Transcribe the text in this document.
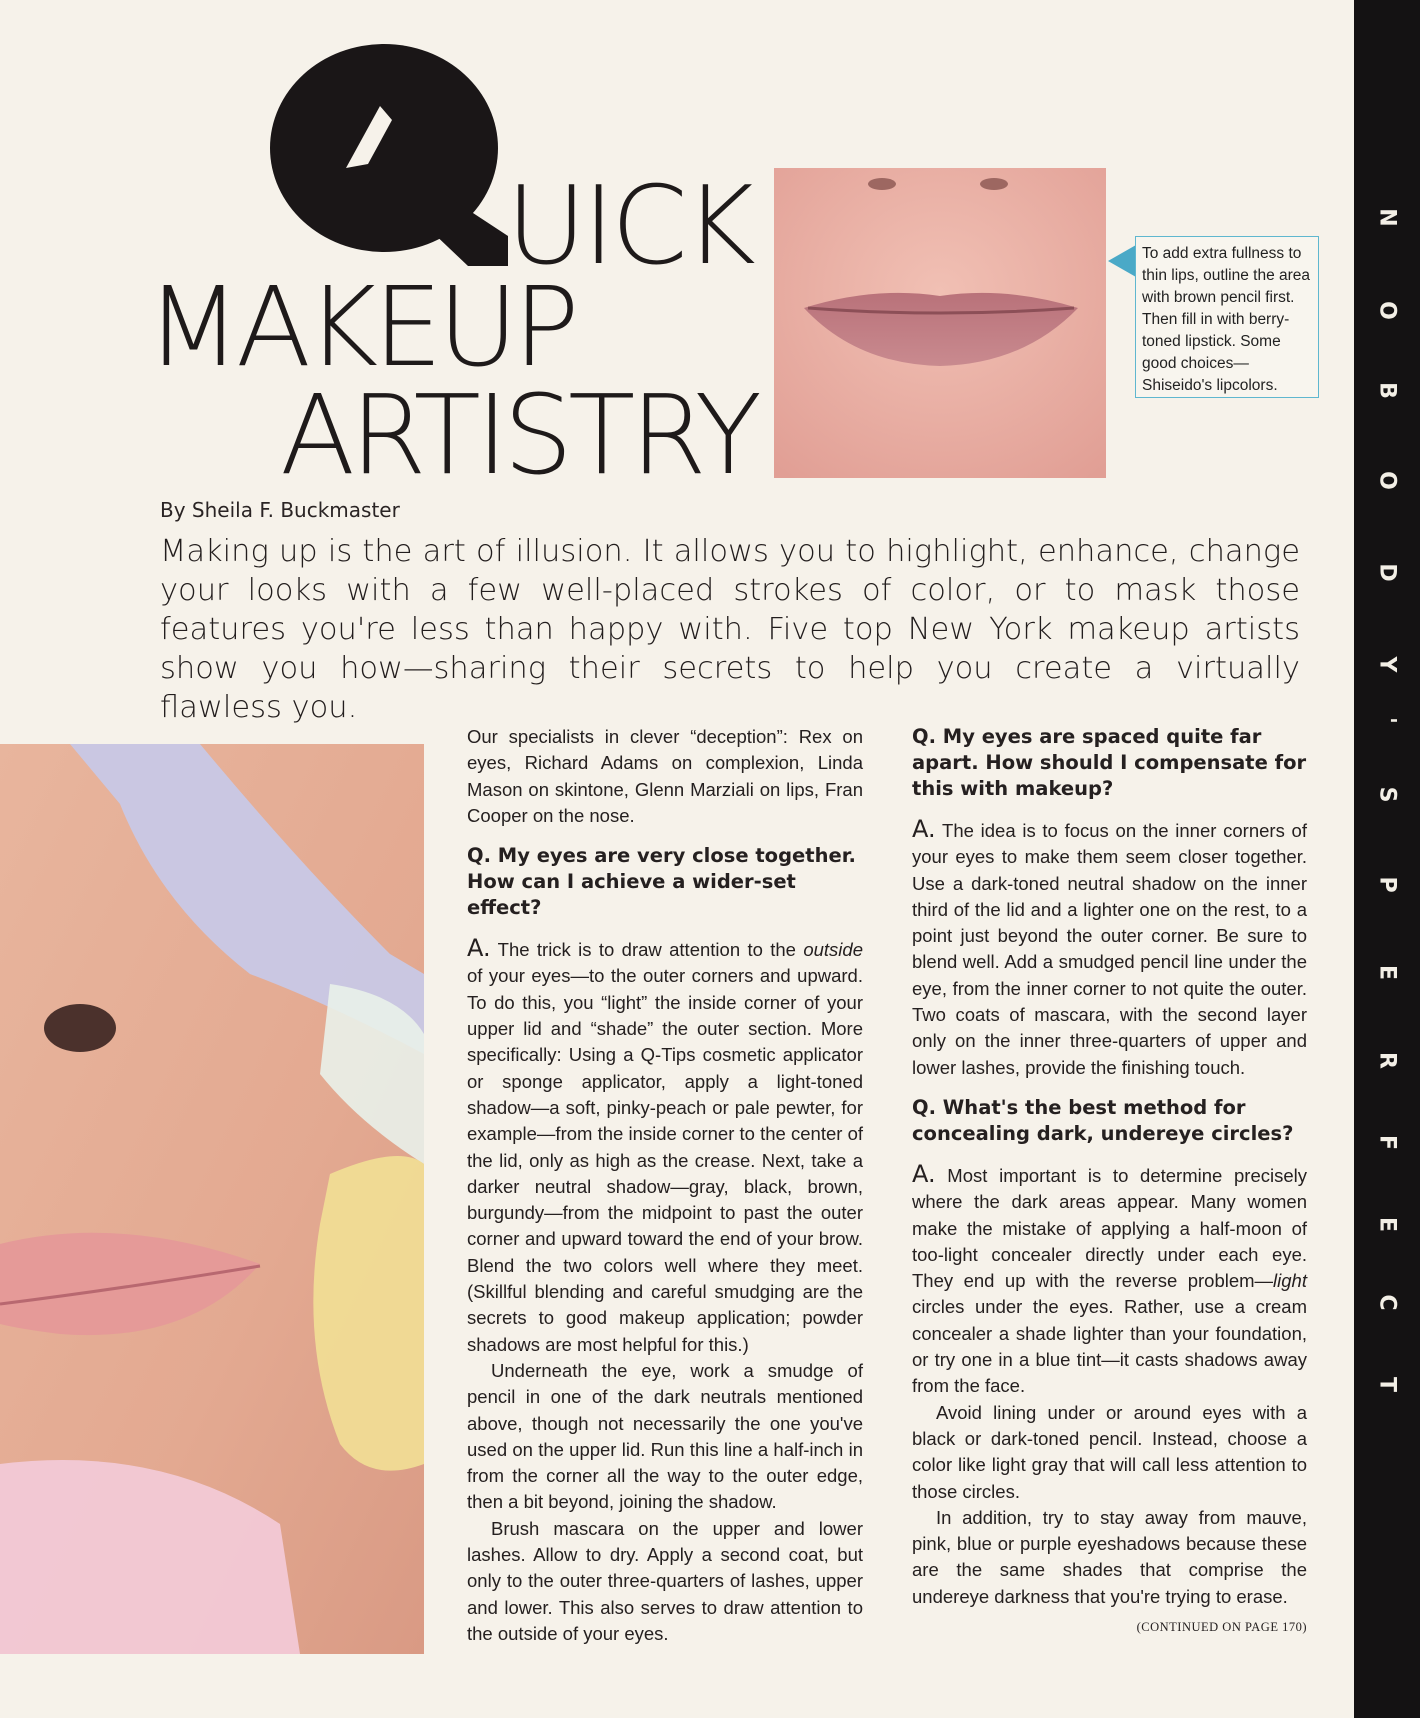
N
O
B
O
D
Y
'
S
P
E
R
F
E
C
T
UICK
MAKEUP
ARTISTRY
To add extra fullness to thin lips, outline the area with brown pencil first. Then fill in with berry-toned lipstick. Some good choices—Shiseido's lipcolors.
By Sheila F. Buckmaster
Making up is the art of illusion. It allows you to highlight, enhance, change your looks with a few well-placed strokes of color, or to mask those features you're less than happy with. Five top New York makeup artists show you how—sharing their secrets to help you create a virtually flawless you.

Our specialists in clever “deception”: Rex on eyes, Richard Adams on complexion, Linda Mason on skintone, Glenn Marziali on lips, Fran Cooper on the nose.

Q. My eyes are very close together. How can I achieve a wider-set effect?

A. The trick is to draw attention to the outside of your eyes—to the outer corners and upward. To do this, you “light” the inside corner of your upper lid and “shade” the outer section. More specifically: Using a Q-Tips cosmetic applicator or sponge applicator, apply a light-toned shadow—a soft, pinky-peach or pale pewter, for example—from the inside corner to the center of the lid, only as high as the crease. Next, take a darker neutral shadow—gray, black, brown, burgundy—from the midpoint to past the outer corner and upward toward the end of your brow. Blend the two colors well where they meet. (Skillful blending and careful smudging are the secrets to good makeup application; powder shadows are most helpful for this.)

Underneath the eye, work a smudge of pencil in one of the dark neutrals mentioned above, though not necessarily the one you've used on the upper lid. Run this line a half-inch in from the corner all the way to the outer edge, then a bit beyond, joining the shadow.

Brush mascara on the upper and lower lashes. Allow to dry. Apply a second coat, but only to the outer three-quarters of lashes, upper and lower. This also serves to draw attention to the outside of your eyes.

Q. My eyes are spaced quite far apart. How should I compensate for this with makeup?

A. The idea is to focus on the inner corners of your eyes to make them seem closer together. Use a dark-toned neutral shadow on the inner third of the lid and a lighter one on the rest, to a point just beyond the outer corner. Be sure to blend well. Add a smudged pencil line under the eye, from the inner corner to not quite the outer. Two coats of mascara, with the second layer only on the inner three-quarters of upper and lower lashes, provide the finishing touch.

Q. What's the best method for concealing dark, undereye circles?

A. Most important is to determine precisely where the dark areas appear. Many women make the mistake of applying a half-moon of too-light concealer directly under each eye. They end up with the reverse problem—light circles under the eyes. Rather, use a cream concealer a shade lighter than your foundation, or try one in a blue tint—it casts shadows away from the face.

Avoid lining under or around eyes with a black or dark-toned pencil. Instead, choose a color like light gray that will call less attention to those circles.

In addition, try to stay away from mauve, pink, blue or purple eyeshadows because these are the same shades that comprise the undereye darkness that you're trying to erase.
(CONTINUED ON PAGE 170)
